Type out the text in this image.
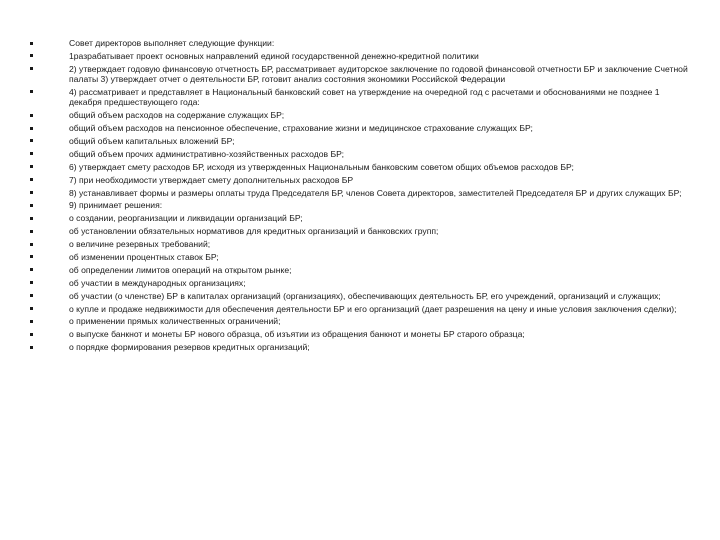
Совет директоров выполняет следующие функции:
1разрабатывает проект основных направлений единой государственной денежно-кредитной политики
2) утверждает годовую финансовую отчетность БР, рассматривает аудиторское заключение по годовой финансовой отчетности БР и заключение Счетной палаты 3) утверждает отчет о деятельности БР, готовит анализ состояния экономики Российской Федерации
4) рассматривает и представляет в Национальный банковский совет на утверждение на очередной год с расчетами и обоснованиями не позднее 1 декабря предшествующего года:
общий объем расходов на содержание служащих БР;
общий объем расходов на пенсионное обеспечение, страхование жизни и медицинское страхование служащих БР;
общий объем капитальных вложений БР;
общий объем прочих административно-хозяйственных расходов БР;
6) утверждает смету расходов БР, исходя из утвержденных Национальным банковским советом общих объемов расходов БР;
7) при необходимости утверждает смету дополнительных расходов БР
8) устанавливает формы и размеры оплаты труда Председателя БР, членов Совета директоров, заместителей Председателя БР и других служащих БР;
9) принимает решения:
о создании, реорганизации и ликвидации организаций БР;
об установлении обязательных нормативов для кредитных организаций и банковских групп;
о величине резервных требований;
об изменении процентных ставок БР;
об определении лимитов операций на открытом рынке;
об участии в международных организациях;
об участии (о членстве) БР в капиталах организаций (организациях), обеспечивающих деятельность БР, его учреждений, организаций и служащих;
о купле и продаже недвижимости для обеспечения деятельности БР и его организаций (дает разрешения на цену и иные условия заключения сделки);
о применении прямых количественных ограничений;
о выпуске банкнот и монеты БР нового образца, об изъятии из обращения банкнот и монеты БР старого образца;
о порядке формирования резервов кредитных организаций;
